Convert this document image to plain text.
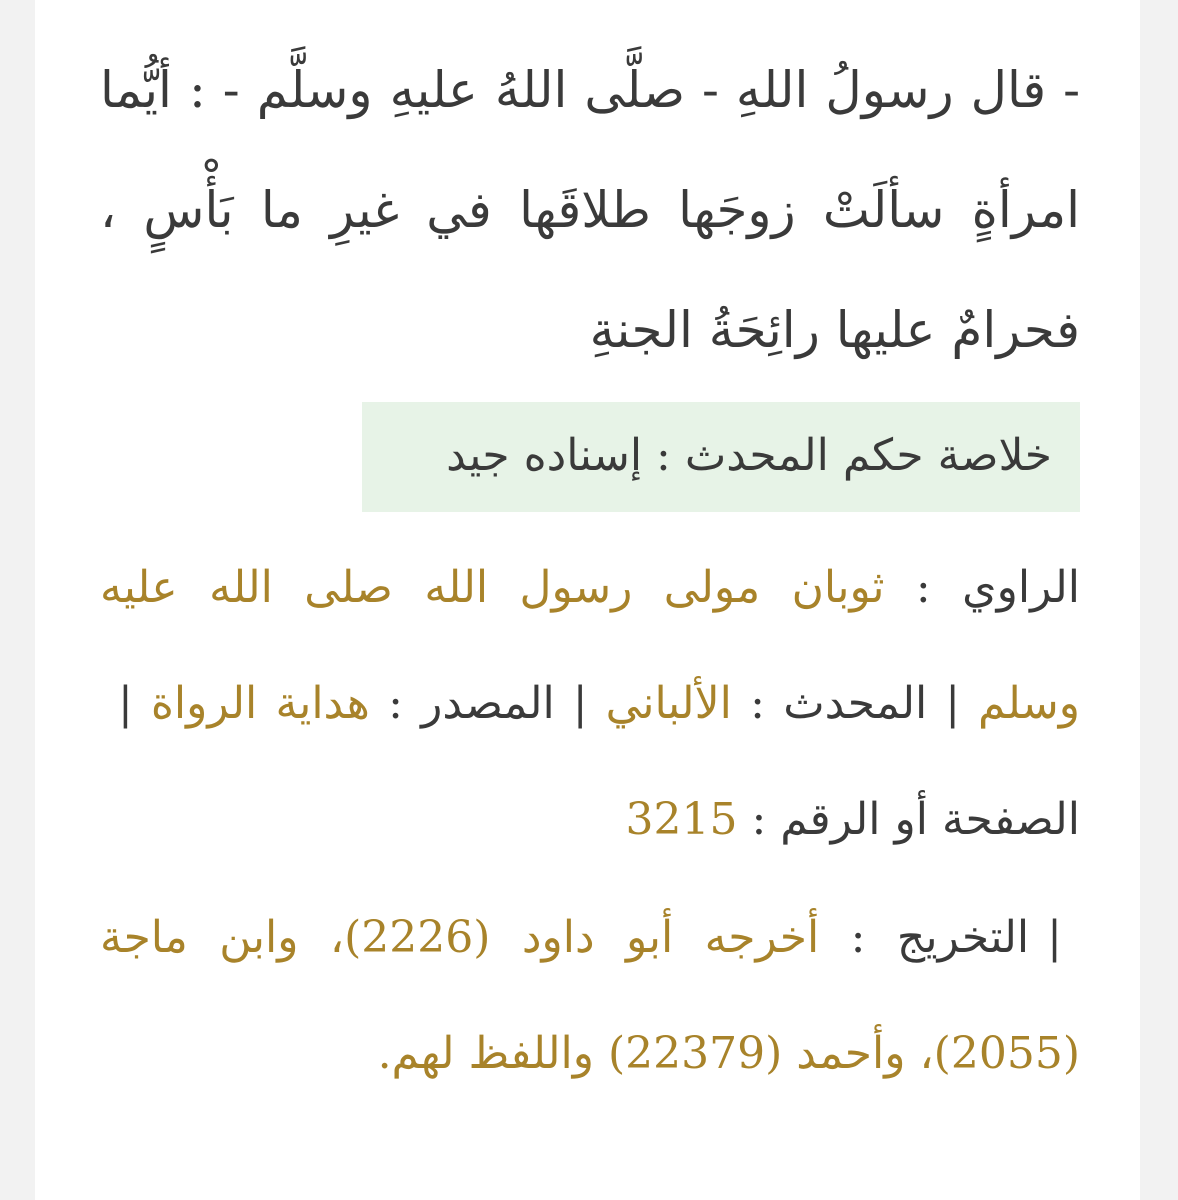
- قال رسولُ اللهِ - صلَّى اللهُ عليهِ وسلَّم - : أيُّما امرأةٍ سألَتْ زوجَها طلاقَها في غيرِ ما بَأْسٍ ، فحرامٌ عليها رائِحَةُ الجنةِ

خلاصة حكم المحدث : إسناده جيد

الراوي : ثوبان مولى رسول الله صلى الله عليه وسلم|المحدث : الألباني|المصدر : هداية الرواة|الصفحة أو الرقم : 3215

|التخريج : أخرجه أبو داود (2226)، وابن ماجة (2055)، وأحمد (22379) واللفظ لهم.
